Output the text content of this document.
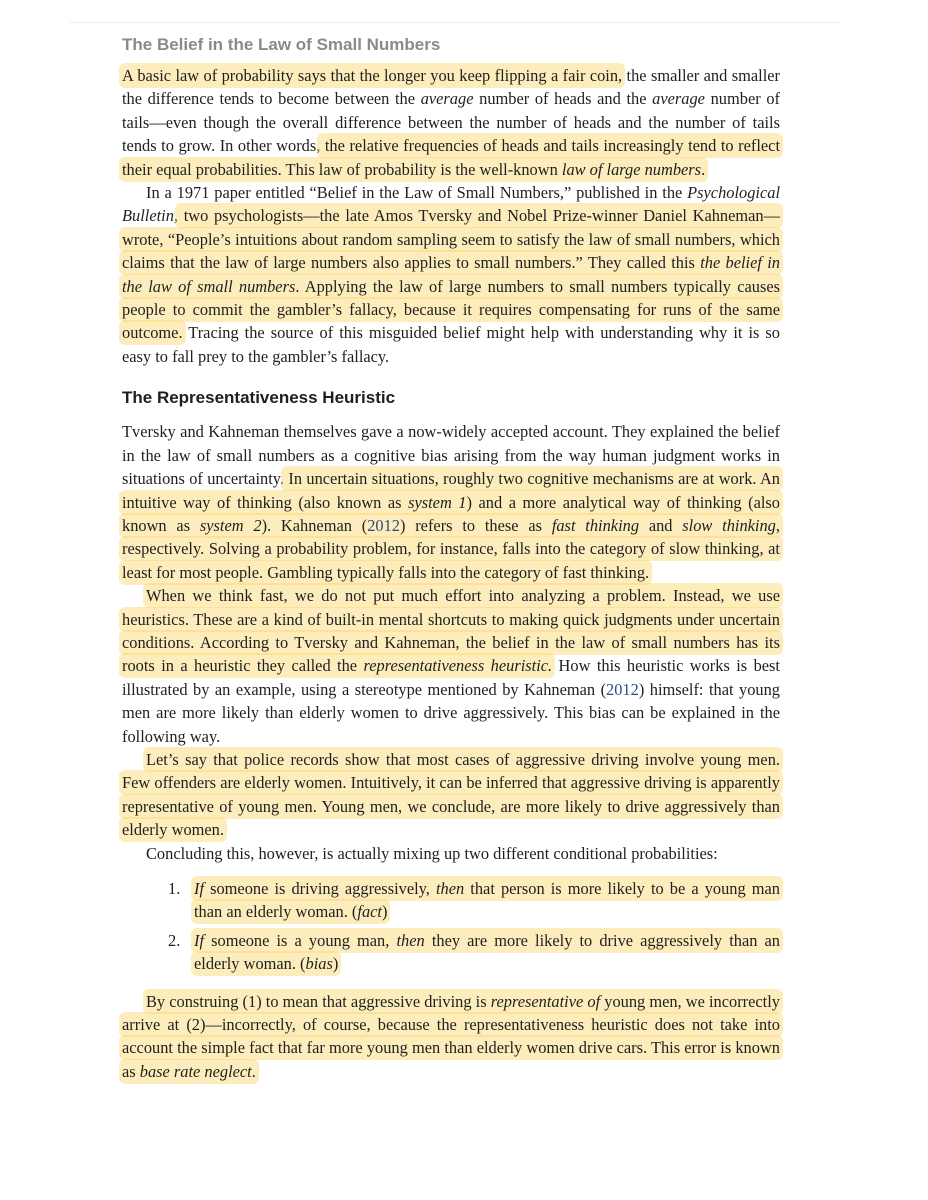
The Belief in the Law of Small Numbers

A basic law of probability says that the longer you keep flipping a fair coin, the smaller and smaller the difference tends to become between the average number of heads and the average number of tails—even though the overall difference between the number of heads and the number of tails tends to grow. In other words, the relative frequencies of heads and tails increasingly tend to reflect their equal probabilities. This law of probability is the well-known law of large numbers.

In a 1971 paper entitled “Belief in the Law of Small Numbers,” published in the Psychological Bulletin, two psychologists—the late Amos Tversky and Nobel Prize-winner Daniel Kahneman—wrote, “People’s intuitions about random sampling seem to satisfy the law of small numbers, which claims that the law of large numbers also applies to small numbers.” They called this the belief in the law of small numbers. Applying the law of large numbers to small numbers typically causes people to commit the gambler’s fallacy, because it requires compensating for runs of the same outcome. Tracing the source of this misguided belief might help with understanding why it is so easy to fall prey to the gambler’s fallacy.

The Representativeness Heuristic

Tversky and Kahneman themselves gave a now-widely accepted account. They explained the belief in the law of small numbers as a cognitive bias arising from the way human judgment works in situations of uncertainty. In uncertain situations, roughly two cognitive mechanisms are at work. An intuitive way of thinking (also known as system 1) and a more analytical way of thinking (also known as system 2). Kahneman (2012) refers to these as fast thinking and slow thinking, respectively. Solving a probability problem, for instance, falls into the category of slow thinking, at least for most people. Gambling typically falls into the category of fast thinking.

When we think fast, we do not put much effort into analyzing a problem. Instead, we use heuristics. These are a kind of built-in mental shortcuts to making quick judgments under uncertain conditions. According to Tversky and Kahneman, the belief in the law of small numbers has its roots in a heuristic they called the representativeness heuristic. How this heuristic works is best illustrated by an example, using a stereotype mentioned by Kahneman (2012) himself: that young men are more likely than elderly women to drive aggressively. This bias can be explained in the following way.

Let’s say that police records show that most cases of aggressive driving involve young men. Few offenders are elderly women. Intuitively, it can be inferred that aggressive driving is apparently representative of young men. Young men, we conclude, are more likely to drive aggressively than elderly women.

Concluding this, however, is actually mixing up two different conditional probabilities:

1. If someone is driving aggressively, then that person is more likely to be a young man than an elderly woman. (fact)
2. If someone is a young man, then they are more likely to drive aggressively than an elderly woman. (bias)

By construing (1) to mean that aggressive driving is representative of young men, we incorrectly arrive at (2)—incorrectly, of course, because the representativeness heuristic does not take into account the simple fact that far more young men than elderly women drive cars. This error is known as base rate neglect.
